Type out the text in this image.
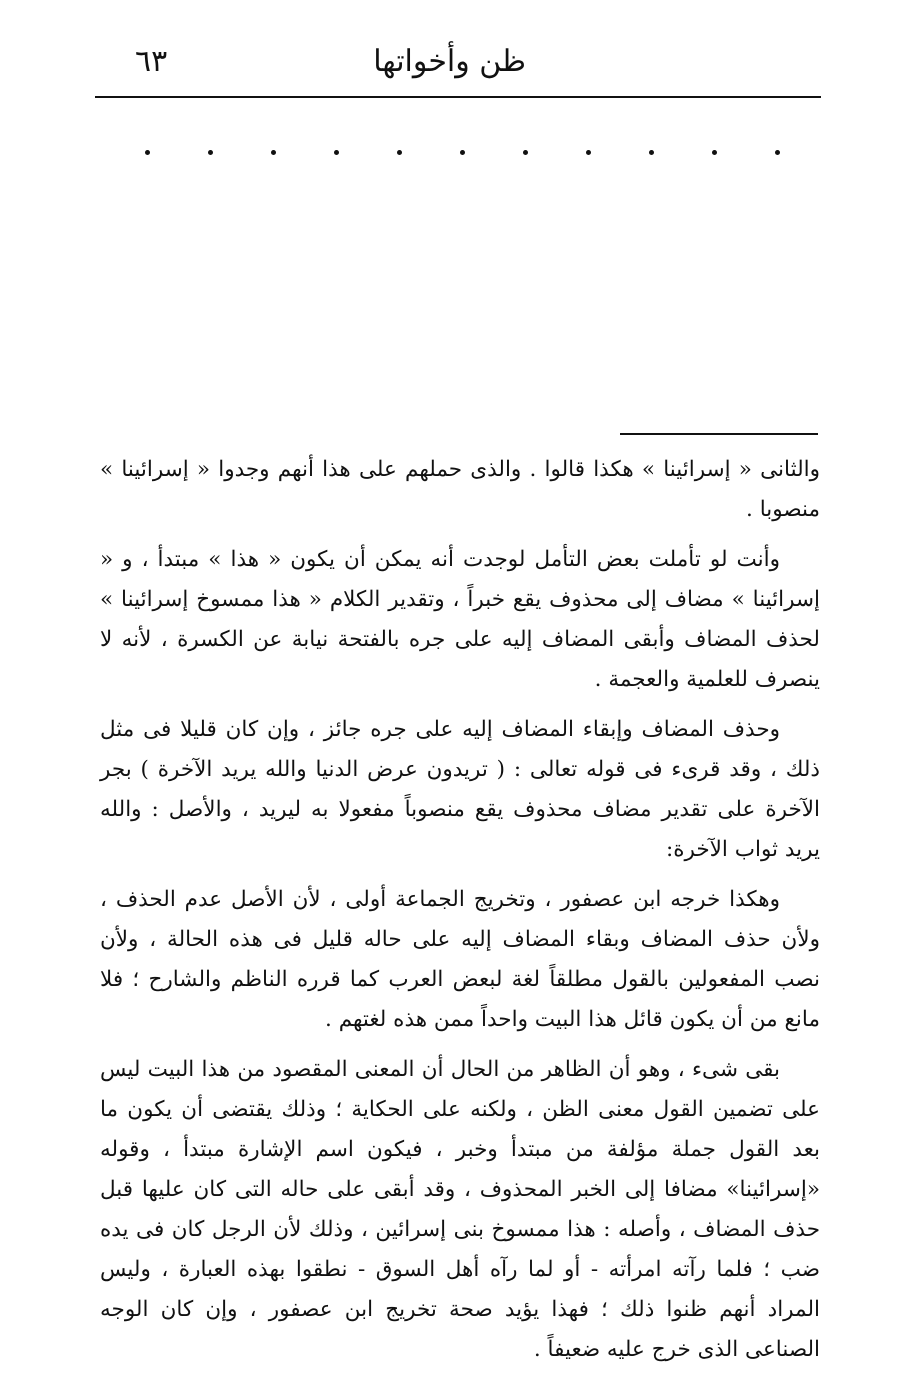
ظن وأخواتها
٦٣

والثانى « إسرائينا » هكذا قالوا . والذى حملهم على هذا أنهم وجدوا « إسرائينا » منصوبا .

وأنت لو تأملت بعض التأمل لوجدت أنه يمكن أن يكون « هذا » مبتدأ ، و « إسرائينا » مضاف إلى محذوف يقع خبراً ، وتقدير الكلام « هذا ممسوخ إسرائينا » لحذف المضاف وأبقى المضاف إليه على جره بالفتحة نيابة عن الكسرة ، لأنه لا ينصرف للعلمية والعجمة .

وحذف المضاف وإبقاء المضاف إليه على جره جائز ، وإن كان قليلا فى مثل ذلك ، وقد قرىء فى قوله تعالى : ( تريدون عرض الدنيا والله يريد الآخرة ) بجر الآخرة على تقدير مضاف محذوف يقع منصوباً مفعولا به ليريد ، والأصل : والله يريد ثواب الآخرة:

وهكذا خرجه ابن عصفور ، وتخريج الجماعة أولى ، لأن الأصل عدم الحذف ، ولأن حذف المضاف وبقاء المضاف إليه على حاله قليل فى هذه الحالة ، ولأن نصب المفعولين بالقول مطلقاً لغة لبعض العرب كما قرره الناظم والشارح ؛ فلا مانع من أن يكون قائل هذا البيت واحداً ممن هذه لغتهم .

بقى شىء ، وهو أن الظاهر من الحال أن المعنى المقصود من هذا البيت ليس على تضمين القول معنى الظن ، ولكنه على الحكاية ؛ وذلك يقتضى أن يكون ما بعد القول جملة مؤلفة من مبتدأ وخبر ، فيكون اسم الإشارة مبتدأ ، وقوله «إسرائينا» مضافا إلى الخبر المحذوف ، وقد أبقى على حاله التى كان عليها قبل حذف المضاف ، وأصله : هذا ممسوخ بنى إسرائين ، وذلك لأن الرجل كان فى يده ضب ؛ فلما رآته امرأته - أو لما رآه أهل السوق - نطقوا بهذه العبارة ، وليس المراد أنهم ظنوا ذلك ؛ فهذا يؤيد صحة تخريج ابن عصفور ، وإن كان الوجه الصناعى الذى خرج عليه ضعيفاً .
